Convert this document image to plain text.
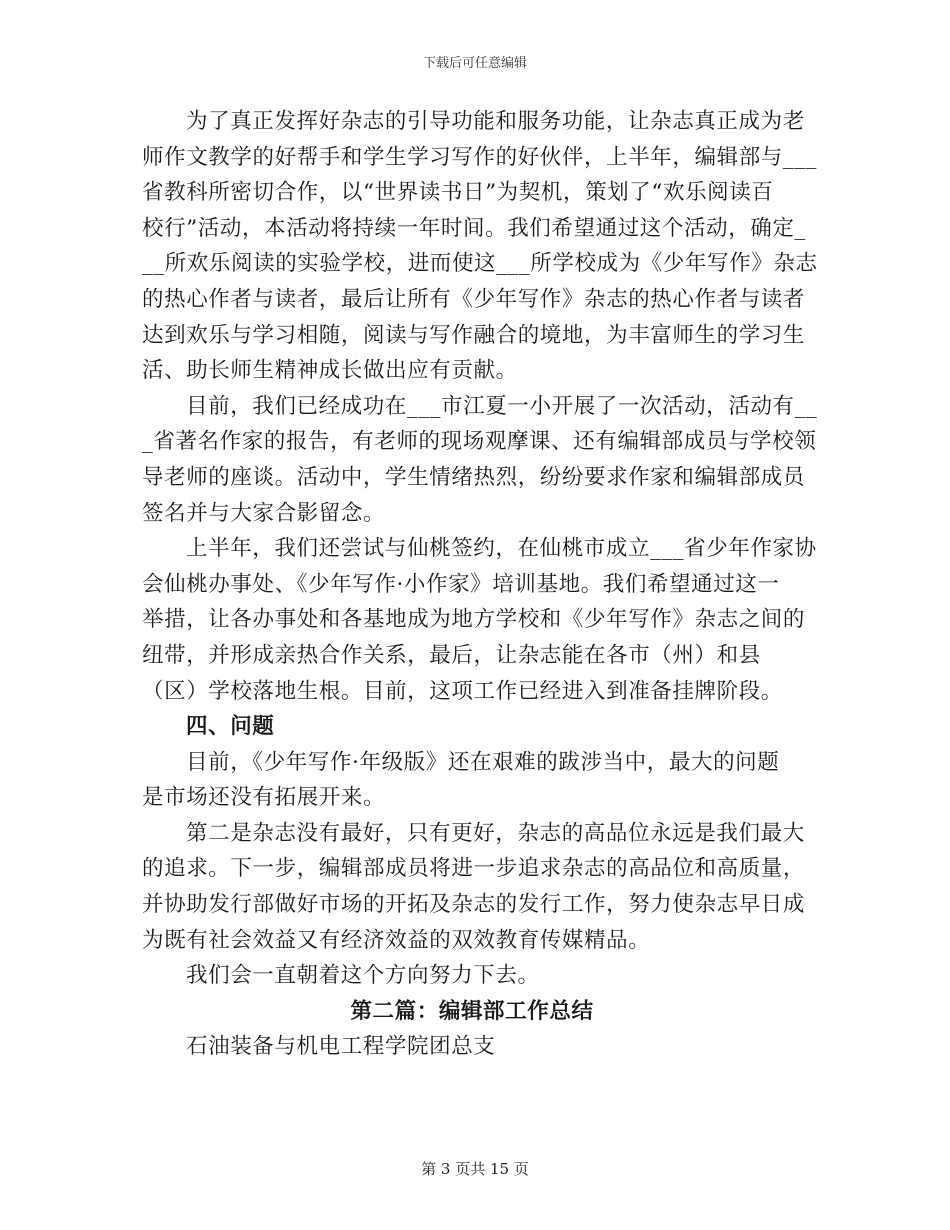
下载后可任意编辑
为了真正发挥好杂志的引导功能和服务功能，让杂志真正成为老
师作文教学的好帮手和学生学习写作的好伙伴，上半年，编辑部与___
省教科所密切合作，以“世界读书日”为契机，策划了“欢乐阅读百
校行”活动，本活动将持续一年时间。我们希望通过这个活动，确定_
__所欢乐阅读的实验学校，进而使这___所学校成为《少年写作》杂志
的热心作者与读者，最后让所有《少年写作》杂志的热心作者与读者
达到欢乐与学习相随，阅读与写作融合的境地，为丰富师生的学习生
活、助长师生精神成长做出应有贡献。
目前，我们已经成功在___市江夏一小开展了一次活动，活动有__
_省著名作家的报告，有老师的现场观摩课、还有编辑部成员与学校领
导老师的座谈。活动中，学生情绪热烈，纷纷要求作家和编辑部成员
签名并与大家合影留念。
上半年，我们还尝试与仙桃签约，在仙桃市成立___省少年作家协
会仙桃办事处、《少年写作·小作家》培训基地。我们希望通过这一
举措，让各办事处和各基地成为地方学校和《少年写作》杂志之间的
纽带，并形成亲热合作关系，最后，让杂志能在各市（州）和县
（区）学校落地生根。目前，这项工作已经进入到准备挂牌阶段。
四、问题
目前，《少年写作·年级版》还在艰难的跋涉当中，最大的问题
是市场还没有拓展开来。
第二是杂志没有最好，只有更好，杂志的高品位永远是我们最大
的追求。下一步，编辑部成员将进一步追求杂志的高品位和高质量，
并协助发行部做好市场的开拓及杂志的发行工作，努力使杂志早日成
为既有社会效益又有经济效益的双效教育传媒精品。
我们会一直朝着这个方向努力下去。
第二篇：编辑部工作总结
石油装备与机电工程学院团总支
第 3 页共 15 页
